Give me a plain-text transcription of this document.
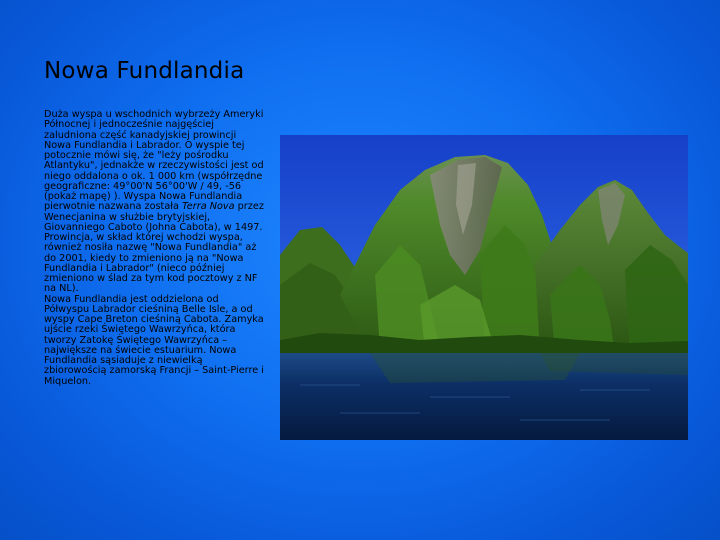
Nowa Fundlandia

Duża wyspa u wschodnich wybrzeży Ameryki Północnej i jednocześnie najgęściej zaludniona część kanadyjskiej prowincji Nowa Fundlandia i Labrador. O wyspie tej potocznie mówi się, że "leży pośrodku Atlantyku", jednakże w rzeczywistości jest od niego oddalona o ok. 1 000 km (współrzędne geograficzne: 49°00'N 56°00'W / 49, -56 (pokaż mapę) ). Wyspa Nowa Fundlandia pierwotnie nazwana została Terra Nova przez Wenecjanina w służbie brytyjskiej, Giovanniego Caboto (Johna Cabota), w 1497. Prowincja, w skład której wchodzi wyspa, również nosiła nazwę "Nowa Fundlandia" aż do 2001, kiedy to zmieniono ją na "Nowa Fundlandia i Labrador" (nieco później zmieniono w ślad za tym kod pocztowy z NF na NL).

Nowa Fundlandia jest oddzielona od Półwyspu Labrador cieśniną Belle Isle, a od wyspy Cape Breton cieśniną Cabota. Zamyka ujście rzeki Świętego Wawrzyńca, która tworzy Zatokę Świętego Wawrzyńca – największe na świecie estuarium. Nowa Fundlandia sąsiaduje z niewielką zbiorowością zamorską Francji – Saint-Pierre i Miquelon.
